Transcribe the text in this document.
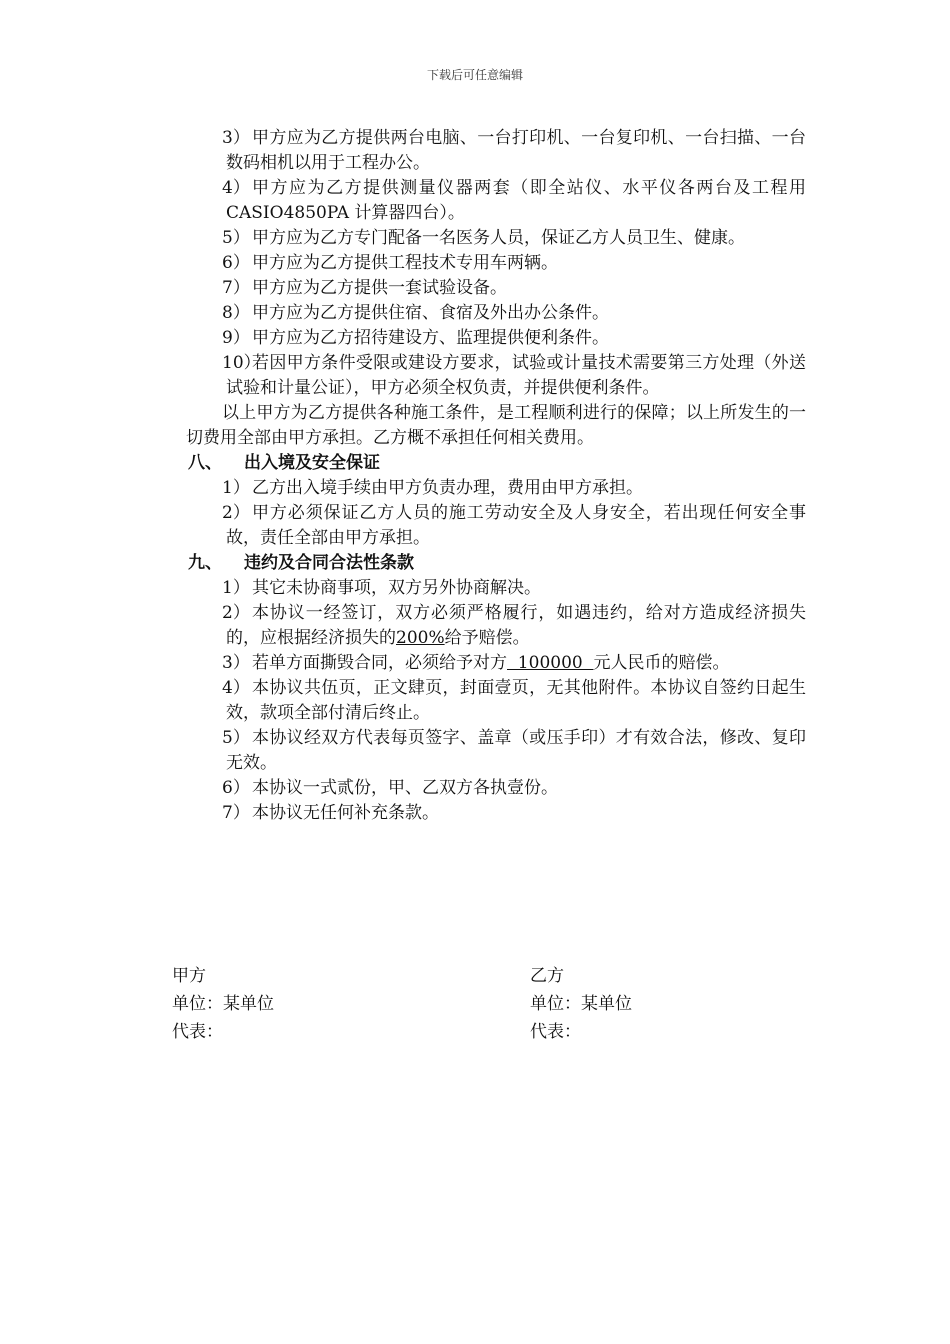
下载后可任意编辑
3） 甲方应为乙方提供两台电脑、一台打印机、一台复印机、一台扫描、一台数码相机以用于工程办公。
4） 甲方应为乙方提供测量仪器两套（即全站仪、水平仪各两台及工程用 CASIO4850PA 计算器四台）。
5） 甲方应为乙方专门配备一名医务人员，保证乙方人员卫生、健康。
6） 甲方应为乙方提供工程技术专用车两辆。
7） 甲方应为乙方提供一套试验设备。
8） 甲方应为乙方提供住宿、食宿及外出办公条件。
9） 甲方应为乙方招待建设方、监理提供便利条件。
10）
若因甲方条件受限或建设方要求，试验或计量技术需要第三方处理（外送试验和计量公证），甲方必须全权负责，并提供便利条件。
以上甲方为乙方提供各种施工条件，是工程顺利进行的保障；以上所发生的一切费用全部由甲方承担。乙方概不承担任何相关费用。
八、 出入境及安全保证
1） 乙方出入境手续由甲方负责办理，费用由甲方承担。
2） 甲方必须保证乙方人员的施工劳动安全及人身安全，若出现任何安全事故，责任全部由甲方承担。
九、 违约及合同合法性条款
1） 其它未协商事项，双方另外协商解决。
2） 本协议一经签订，双方必须严格履行，如遇违约，给对方造成经济损失的，应根据经济损失的200%给予赔偿。
3） 若单方面撕毁合同，必须给予对方  100000  元人民币的赔偿。
4） 本协议共伍页，正文肆页，封面壹页，无其他附件。本协议自签约日起生效，款项全部付清后终止。
5） 本协议经双方代表每页签字、盖章（或压手印）才有效合法，修改、复印无效。
6） 本协议一式贰份，甲、乙双方各执壹份。
7） 本协议无任何补充条款。
甲方
单位：某单位
代表：
乙方
单位：某单位
代表：
